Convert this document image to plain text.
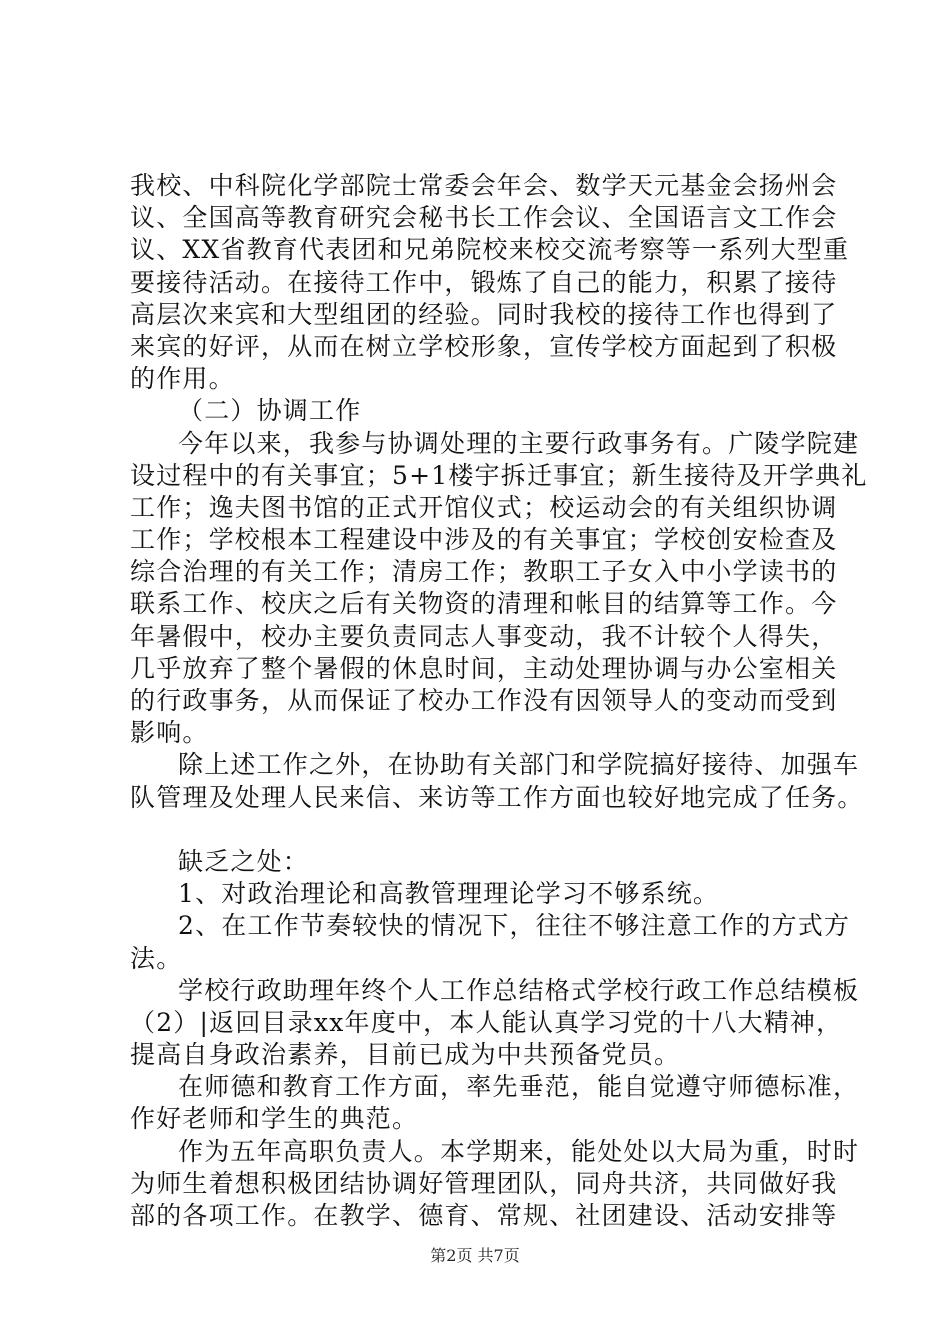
我校、中科院化学部院士常委会年会、数学天元基金会扬州会
议、全国高等教育研究会秘书长工作会议、全国语言文工作会
议、XX省教育代表团和兄弟院校来校交流考察等一系列大型重
要接待活动。在接待工作中，锻炼了自己的能力，积累了接待
高层次来宾和大型组团的经验。同时我校的接待工作也得到了
来宾的好评，从而在树立学校形象，宣传学校方面起到了积极
的作用。
（二）协调工作
今年以来，我参与协调处理的主要行政事务有。广陵学院建
设过程中的有关事宜；5+1楼宇拆迁事宜；新生接待及开学典礼
工作；逸夫图书馆的正式开馆仪式；校运动会的有关组织协调
工作；学校根本工程建设中涉及的有关事宜；学校创安检查及
综合治理的有关工作；清房工作；教职工子女入中小学读书的
联系工作、校庆之后有关物资的清理和帐目的结算等工作。今
年暑假中，校办主要负责同志人事变动，我不计较个人得失，
几乎放弃了整个暑假的休息时间，主动处理协调与办公室相关
的行政事务，从而保证了校办工作没有因领导人的变动而受到
影响。
除上述工作之外，在协助有关部门和学院搞好接待、加强车
队管理及处理人民来信、来访等工作方面也较好地完成了任务。
缺乏之处：
1、对政治理论和高教管理理论学习不够系统。
2、在工作节奏较快的情况下，往往不够注意工作的方式方
法。
学校行政助理年终个人工作总结格式学校行政工作总结模板
（2）|返回目录xx年度中，本人能认真学习党的十八大精神，
提高自身政治素养，目前已成为中共预备党员。
在师德和教育工作方面，率先垂范，能自觉遵守师德标准，
作好老师和学生的典范。
作为五年高职负责人。本学期来，能处处以大局为重，时时
为师生着想积极团结协调好管理团队，同舟共济，共同做好我
部的各项工作。在教学、德育、常规、社团建设、活动安排等
第2页 共7页
